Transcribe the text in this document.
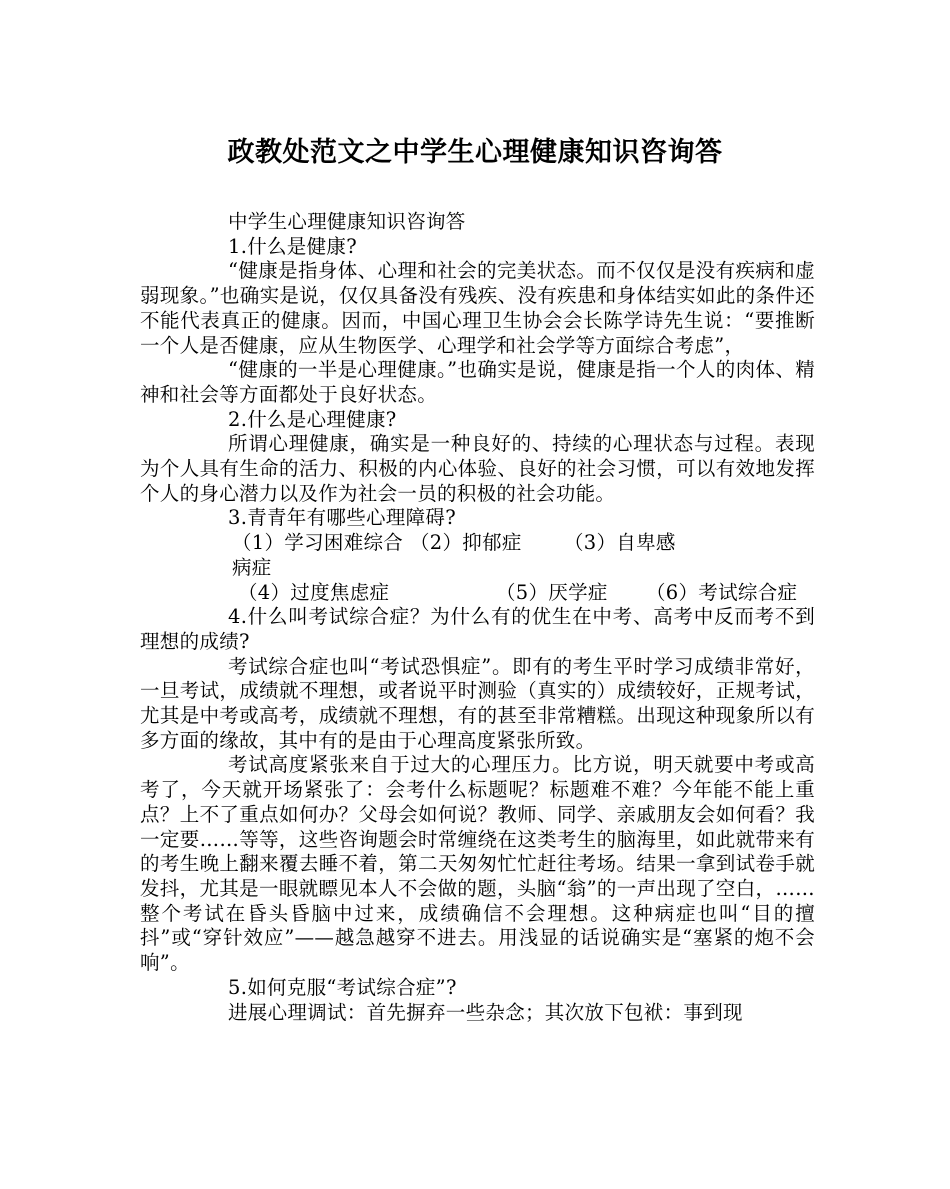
政教处范文之中学生心理健康知识咨询答

中学生心理健康知识咨询答

1.什么是健康?

“健康是指身体、心理和社会的完美状态。而不仅仅是没有疾病和虚弱现象。”也确实是说，仅仅具备没有残疾、没有疾患和身体结实如此的条件还不能代表真正的健康。因而，中国心理卫生协会会长陈学诗先生说：“要推断一个人是否健康，应从生物医学、心理学和社会学等方面综合考虑”，

“健康的一半是心理健康。”也确实是说，健康是指一个人的肉体、精神和社会等方面都处于良好状态。

2.什么是心理健康?

所谓心理健康，确实是一种良好的、持续的心理状态与过程。表现为个人具有生命的活力、积极的内心体验、良好的社会习惯，可以有效地发挥个人的身心潜力以及作为社会一员的积极的社会功能。

3.青青年有哪些心理障碍?

（1）学习困难综合病症
（2）抑郁症	（3）自卑感
（4）过度焦虑症	（5）厌学症	（6）考试综合症

4.什么叫考试综合症？为什么有的优生在中考、高考中反而考不到理想的成绩?

考试综合症也叫“考试恐惧症”。即有的考生平时学习成绩非常好，一旦考试，成绩就不理想，或者说平时测验（真实的）成绩较好，正规考试，尤其是中考或高考，成绩就不理想，有的甚至非常糟糕。出现这种现象所以有多方面的缘故，其中有的是由于心理高度紧张所致。

考试高度紧张来自于过大的心理压力。比方说，明天就要中考或高考了，今天就开场紧张了：会考什么标题呢？标题难不难？今年能不能上重点？上不了重点如何办？父母会如何说？教师、同学、亲戚朋友会如何看？我一定要……等等，这些咨询题会时常缠绕在这类考生的脑海里，如此就带来有的考生晚上翻来覆去睡不着，第二天匆匆忙忙赶往考场。结果一拿到试卷手就发抖，尤其是一眼就瞟见本人不会做的题，头脑“翁”的一声出现了空白，……整个考试在昏头昏脑中过来，成绩确信不会理想。这种病症也叫“目的擅抖”或“穿针效应”——越急越穿不进去。用浅显的话说确实是“塞紧的炮不会响”。

5.如何克服“考试综合症”?

进展心理调试：首先摒弃一些杂念；其次放下包袱：事到现
